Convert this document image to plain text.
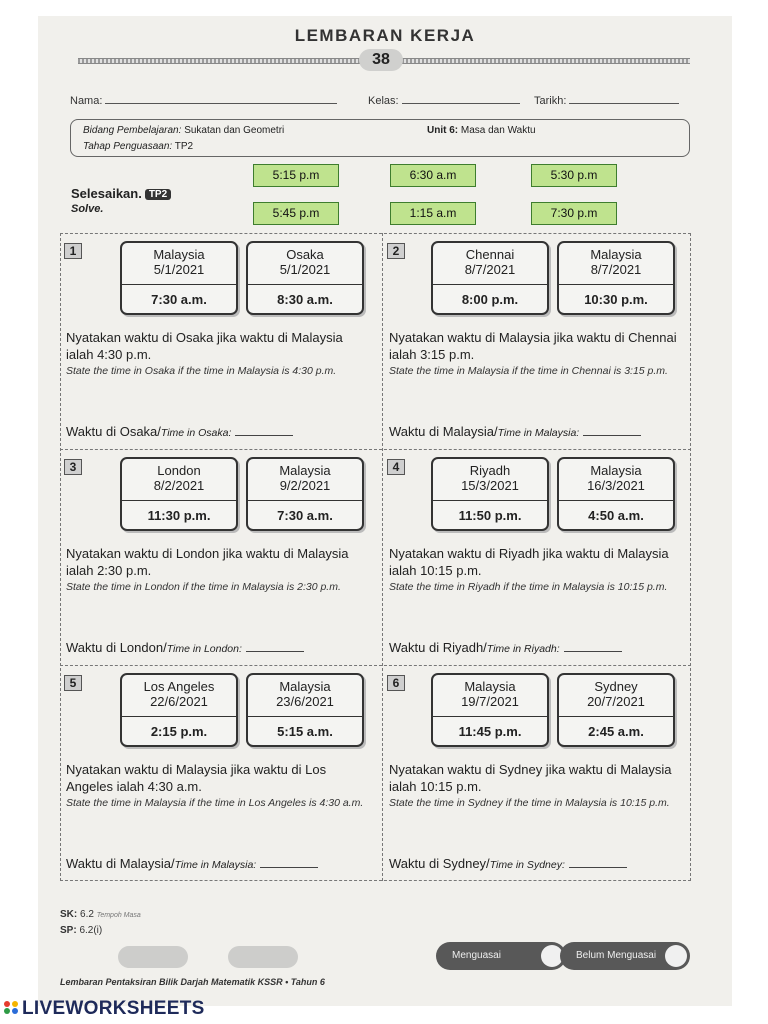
LEMBARAN KERJA
38
Nama:	Kelas:	Tarikh:
Bidang Pembelajaran: Sukatan dan Geometri	Unit 6: Masa dan Waktu
Tahap Penguasaan: TP2
Selesaikan. TP2
Solve.
5:15 p.m	6:30 a.m	5:30 p.m
5:45 p.m	1:15 a.m	7:30 p.m
1	Malaysia
5/1/2021
7:30 a.m.
Osaka
5/1/2021
8:30 a.m.
Nyatakan waktu di Osaka jika waktu di Malaysia ialah 4:30 p.m.
State the time in Osaka if the time in Malaysia is 4:30 p.m.
Waktu di Osaka/Time in Osaka:
2	Chennai
8/7/2021
8:00 p.m.
Malaysia
8/7/2021
10:30 p.m.
Nyatakan waktu di Malaysia jika waktu di Chennai ialah 3:15 p.m.
State the time in Malaysia if the time in Chennai is 3:15 p.m.
Waktu di Malaysia/Time in Malaysia:
3	London
8/2/2021
11:30 p.m.
Malaysia
9/2/2021
7:30 a.m.
Nyatakan waktu di London jika waktu di Malaysia ialah 2:30 p.m.
State the time in London if the time in Malaysia is 2:30 p.m.
Waktu di London/Time in London:
4	Riyadh
15/3/2021
11:50 p.m.
Malaysia
16/3/2021
4:50 a.m.
Nyatakan waktu di Riyadh jika waktu di Malaysia ialah 10:15 p.m.
State the time in Riyadh if the time in Malaysia is 10:15 p.m.
Waktu di Riyadh/Time in Riyadh:
5	Los Angeles
22/6/2021
2:15 p.m.
Malaysia
23/6/2021
5:15 a.m.
Nyatakan waktu di Malaysia jika waktu di Los Angeles ialah 4:30 a.m.
State the time in Malaysia if the time in Los Angeles is 4:30 a.m.
Waktu di Malaysia/Time in Malaysia:
6	Malaysia
19/7/2021
11:45 p.m.
Sydney
20/7/2021
2:45 a.m.
Nyatakan waktu di Sydney jika waktu di Malaysia ialah 10:15 p.m.
State the time in Sydney if the time in Malaysia is 10:15 p.m.
Waktu di Sydney/Time in Sydney:
SK: 6.2 Tempoh Masa
SP: 6.2(i)
Menguasai	Belum Menguasai
Lembaran Pentaksiran Bilik Darjah Matematik KSSR • Tahun 6
LIVEWORKSHEETS
